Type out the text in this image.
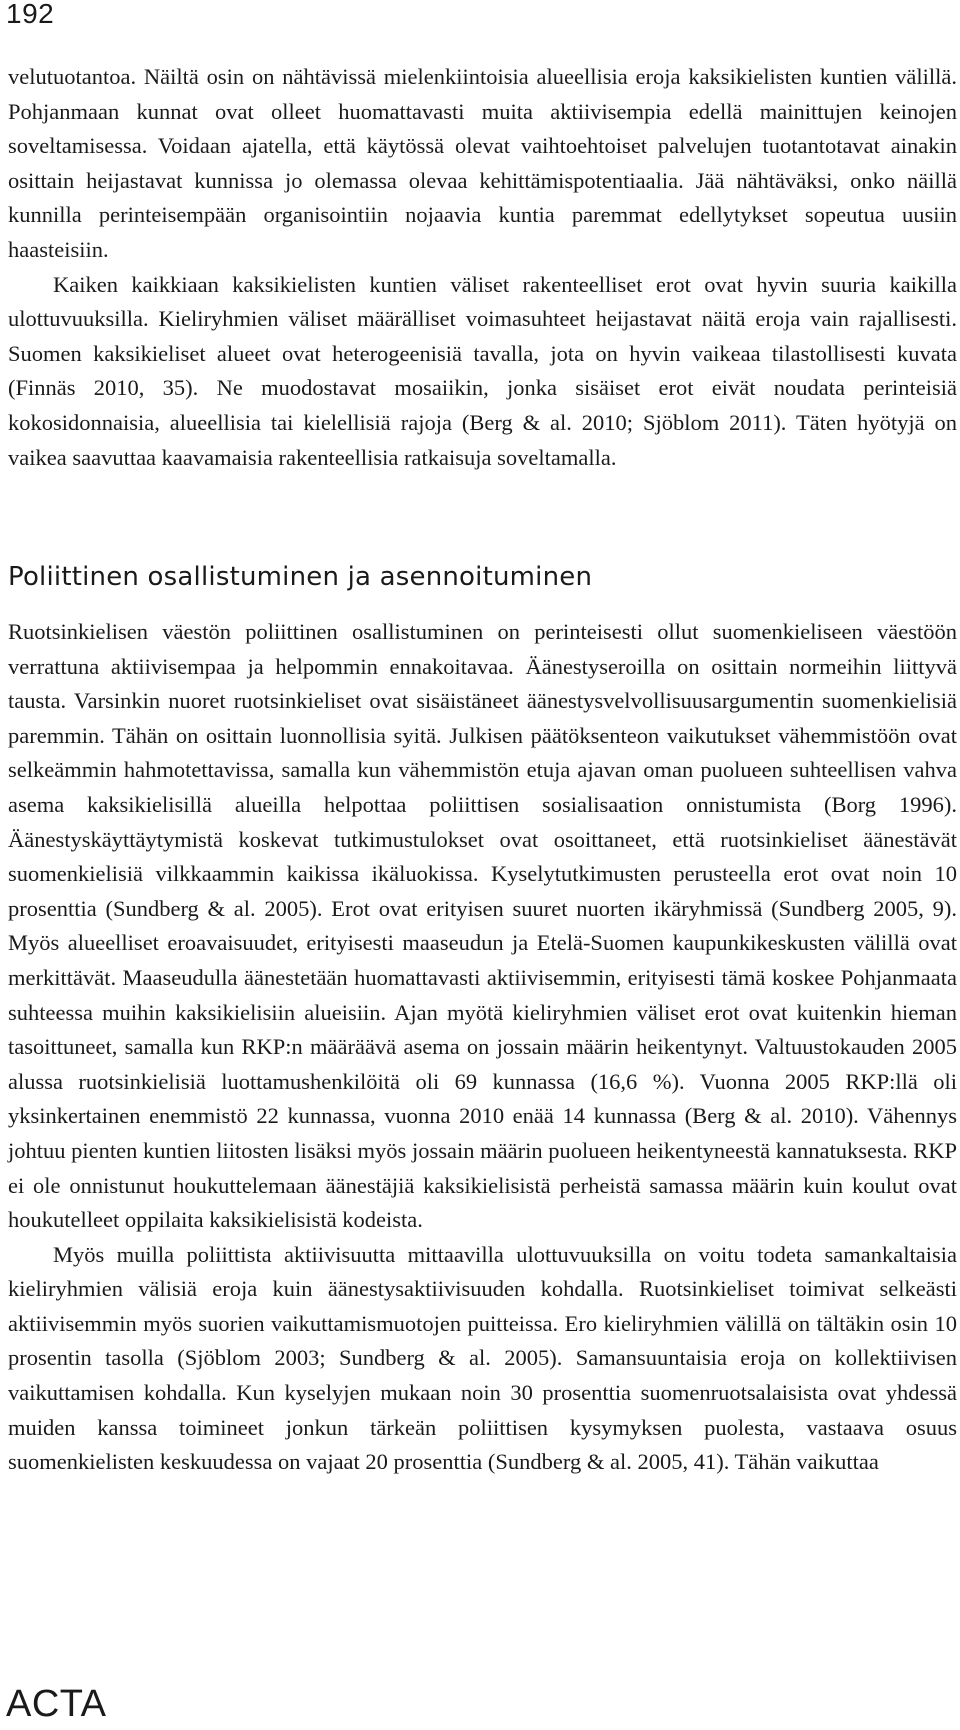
192

velutuotantoa. Näiltä osin on nähtävissä mielenkiintoisia alueellisia eroja kaksikielisten kuntien välillä. Pohjanmaan kunnat ovat olleet huomattavasti muita aktiivisempia edellä mainittujen keinojen soveltamisessa. Voidaan ajatella, että käytössä olevat vaihtoehtoiset palvelujen tuotantotavat ainakin osittain heijastavat kunnissa jo olemassa olevaa kehittämispotentiaalia. Jää nähtäväksi, onko näillä kunnilla perinteisempään organisointiin nojaavia kuntia paremmat edellytykset sopeutua uusiin haasteisiin.

Kaiken kaikkiaan kaksikielisten kuntien väliset rakenteelliset erot ovat hyvin suuria kaikilla ulottuvuuksilla. Kieliryhmien väliset määrälliset voimasuhteet heijastavat näitä eroja vain rajallisesti. Suomen kaksikieliset alueet ovat heterogeenisiä tavalla, jota on hyvin vaikeaa tilastollisesti kuvata (Finnäs 2010, 35). Ne muodostavat mosaiikin, jonka sisäiset erot eivät noudata perinteisiä kokosidonnaisia, alueellisia tai kielellisiä rajoja (Berg & al. 2010; Sjöblom 2011). Täten hyötyjä on vaikea saavuttaa kaavamaisia rakenteellisia ratkaisuja soveltamalla.

Poliittinen osallistuminen ja asennoituminen

Ruotsinkielisen väestön poliittinen osallistuminen on perinteisesti ollut suomenkieliseen väestöön verrattuna aktiivisempaa ja helpommin ennakoitavaa. Äänestyseroilla on osittain normeihin liittyvä tausta. Varsinkin nuoret ruotsinkieliset ovat sisäistäneet äänestysvelvollisuusargumentin suomenkielisiä paremmin. Tähän on osittain luonnollisia syitä. Julkisen päätöksenteon vaikutukset vähemmistöön ovat selkeämmin hahmotettavissa, samalla kun vähemmistön etuja ajavan oman puolueen suhteellisen vahva asema kaksikielisillä alueilla helpottaa poliittisen sosialisaation onnistumista (Borg 1996). Äänestyskäyttäytymistä koskevat tutkimustulokset ovat osoittaneet, että ruotsinkieliset äänestävät suomenkielisiä vilkkaammin kaikissa ikäluokissa. Kyselytutkimusten perusteella erot ovat noin 10 prosenttia (Sundberg & al. 2005). Erot ovat erityisen suuret nuorten ikäryhmissä (Sundberg 2005, 9). Myös alueelliset eroavaisuudet, erityisesti maaseudun ja Etelä-Suomen kaupunkikeskusten välillä ovat merkittävät. Maaseudulla äänestetään huomattavasti aktiivisemmin, erityisesti tämä koskee Pohjanmaata suhteessa muihin kaksikielisiin alueisiin. Ajan myötä kieliryhmien väliset erot ovat kuitenkin hieman tasoittuneet, samalla kun RKP:n määräävä asema on jossain määrin heikentynyt. Valtuustokauden 2005 alussa ruotsinkielisiä luottamushenkilöitä oli 69 kunnassa (16,6 %). Vuonna 2005 RKP:llä oli yksinkertainen enemmistö 22 kunnassa, vuonna 2010 enää 14 kunnassa (Berg & al. 2010). Vähennys johtuu pienten kuntien liitosten lisäksi myös jossain määrin puolueen heikentyneestä kannatuksesta. RKP ei ole onnistunut houkuttelemaan äänestäjiä kaksikielisistä perheistä samassa määrin kuin koulut ovat houkutelleet oppilaita kaksikielisistä kodeista.

Myös muilla poliittista aktiivisuutta mittaavilla ulottuvuuksilla on voitu todeta samankaltaisia kieliryhmien välisiä eroja kuin äänestysaktiivisuuden kohdalla. Ruotsinkieliset toimivat selkeästi aktiivisemmin myös suorien vaikuttamismuotojen puitteissa. Ero kieliryhmien välillä on tältäkin osin 10 prosentin tasolla (Sjöblom 2003; Sundberg & al. 2005). Samansuuntaisia eroja on kollektiivisen vaikuttamisen kohdalla. Kun kyselyjen mukaan noin 30 prosenttia suomenruotsalaisista ovat yhdessä muiden kanssa toimineet jonkun tärkeän poliittisen kysymyksen puolesta, vastaava osuus suomenkielisten keskuudessa on vajaat 20 prosenttia (Sundberg & al. 2005, 41). Tähän vaikuttaa

ACTA
